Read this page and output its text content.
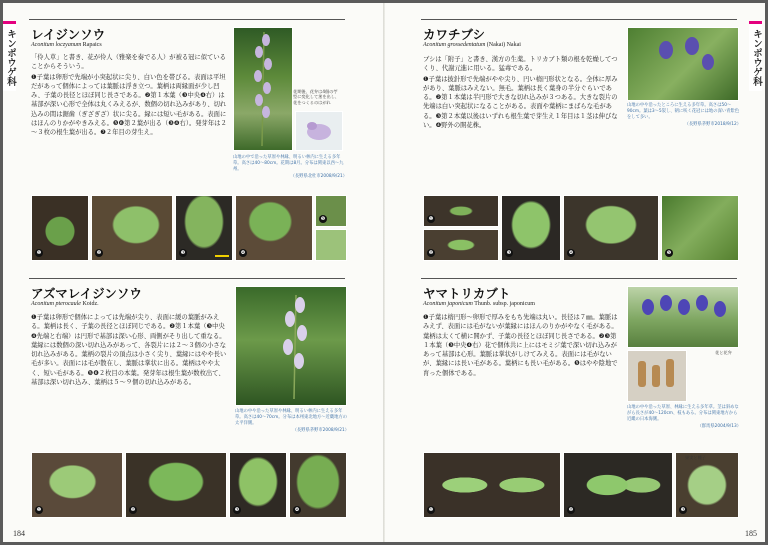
キンポウゲ科	キンポウゲ科
レイジンソウ
Aconitum loczyanum Rapaics

「伶人草」と書き、花が伶人（雅楽を奏でる人）が被る冠に似ていることからそういう。

❶子葉は卵形で先端が小突起状に尖り、白い色を帯びる。表面は平坦だがあって個体によっては葉脈は浮き立つ。葉柄は両縁面が少し凹み、子葉の長径とほぼ同じ長さである。❷第１本葉（❸中央❹右）は基部が深い心形で全体は丸くみえるが、数個の切れ込みがあり、切れ込みの間は鋸歯（ぎざぎざ）状に尖る。縁には短い毛がある。表面にはほんのりかがやきみえる。❺❻第２葉が出る（❸❹右）。発芽年は２～３枚の根生葉が出る。❼２年目の芽生え。

花期後、花弁は4個の苧型に変化して茎を出し、花をつくるのはがれ
山地の中で沿った草原や林縁、明るい林内に生える多年草。高さは40～80cm。花期は8月。分布は関東以西～九州。
（長野県北杜市2008/9/21）
❶	❷	❸	❹
❺
アズマレイジンソウ
Aconitum pterocaule Koidz.

❶子葉は卵形で個体によっては先端が尖り、表面に緩の葉脈がみえる。葉柄は長く、子葉の長径とほぼ同じである。❷第１本葉（❸中央❹先端と右端）は円形で基部は深い心形、両側がそり出して重なる。葉縁には数個の深い切れ込みがあって、各裂片には２～３個の小さな切れ込みがある。葉柄の裂片の頂点は小さく尖り、葉縁にはやや長い毛が多い。表面には毛が散在し、葉脈は掌状に出る。葉柄はやや太く、短い毛がある。❺❻２枚目の本葉。発芽年は根生葉が数枚出て、基部は深い切れ込み、葉柄は５～９個の切れ込みがある。

山地の中や沿った草原や林縁、明るい林内に生える多年草。高さは40～70cm。分布は本州東北地方～近畿地方の太平洋側。
（長野県茅野市2008/9/21）
❶	❷	❸	❹
184
カワチブシ
Aconitum grossedentatum (Nakai) Nakai

ブシは「附子」と書き、漢方の生薬。トリカブト類の根を乾燥してつくり、代謝元進に用いる。猛毒である。

❶子葉は披針形で先端がやや尖り、円い楕円形状となる。全体に厚みがあり、葉脈はみえない。無毛。葉柄は長く葉身の半分ぐらいである。❷第１本葉は半円形で大きな切れ込みが３つある。大きな裂片の先端は白い突起状になることがある。表面や葉柄にまばらな毛がある。❸第２本葉以後はいずれも根生葉で芽生え１年目は１茎は伸びない。❹野外の開花株。

山地の中や沿ったところに生える多年草。高さは50～90cm。葉は3～5裂し、朝に咲く花冠には地の深い青紫色をして多い。
（長野県茅野市2018/9/12）
❶
❷	❸	❹	❺
ヤマトリカブト
Aconitum japonicum Thunb. subsp. japonicum

❶子葉は楕円形～卵形で厚みをもち先端は丸い。長径は７㎜。葉脈はみえず、表面には毛がないが葉縁にはほんのりかがやなく毛がある。葉柄は太くて横に開かず、子葉の長径とほぼ同じ長さである。❷❸第１本葉（❸中央❹右）花で個体共に上にはモミジ葉で深い切れ込みがあって基部は心形。葉脈は掌状がしけてみえる。表面には毛がないが、葉縁には長い毛がある。葉柄にも長い毛がある。❺はやや陰地で育った個体である。

花と花弁
山地の中や沿った草原、林縁に生える多年草。茎は斜めながら長さが40～120cm、枝もある。分布は関東地方から近畿の日本海側。
（群馬県2004/9/13）
❶	❷	❸
果実と種子
185
